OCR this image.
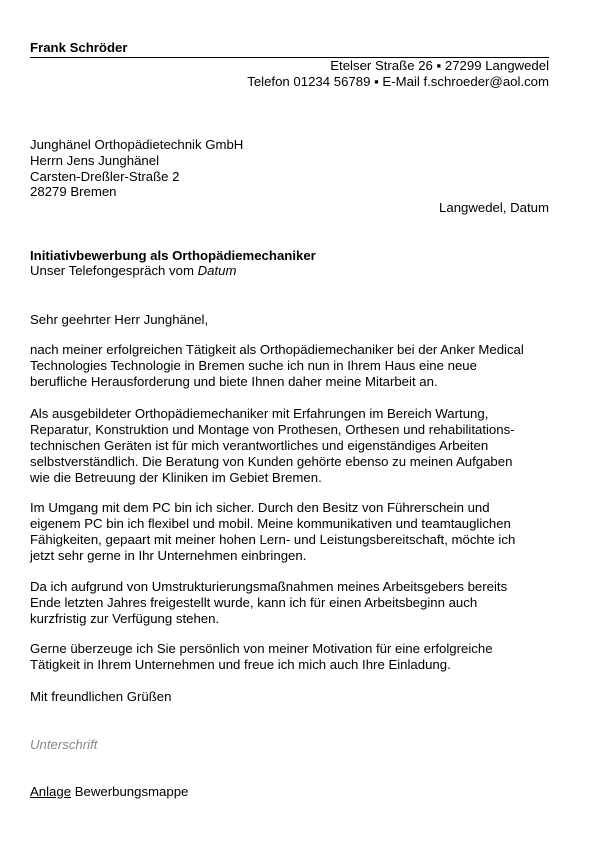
Frank Schröder
Etelser Straße 26 ▪ 27299 Langwedel
Telefon 01234 56789 ▪ E-Mail f.schroeder@aol.com
Junghänel Orthopädietechnik GmbH
Herrn Jens Junghänel
Carsten-Dreßler-Straße 2
28279 Bremen
Langwedel, Datum
Initiativbewerbung als Orthopädiemechaniker
Unser Telefongespräch vom Datum
Sehr geehrter Herr Junghänel,
nach meiner erfolgreichen Tätigkeit als Orthopädiemechaniker bei der Anker Medical
Technologies Technologie in Bremen suche ich nun in Ihrem Haus eine neue
berufliche Herausforderung und biete Ihnen daher meine Mitarbeit an.
Als ausgebildeter Orthopädiemechaniker mit Erfahrungen im Bereich Wartung,
Reparatur, Konstruktion und Montage von Prothesen, Orthesen und rehabilitations-
technischen Geräten ist für mich verantwortliches und eigenständiges Arbeiten
selbstverständlich. Die Beratung von Kunden gehörte ebenso zu meinen Aufgaben
wie die Betreuung der Kliniken im Gebiet Bremen.
Im Umgang mit dem PC bin ich sicher. Durch den Besitz von Führerschein und
eigenem PC bin ich flexibel und mobil. Meine kommunikativen und teamtauglichen
Fähigkeiten, gepaart mit meiner hohen Lern- und Leistungsbereitschaft, möchte ich
jetzt sehr gerne in Ihr Unternehmen einbringen.
Da ich aufgrund von Umstrukturierungsmaßnahmen meines Arbeitsgebers bereits
Ende letzten Jahres freigestellt wurde, kann ich für einen Arbeitsbeginn auch
kurzfristig zur Verfügung stehen.
Gerne überzeuge ich Sie persönlich von meiner Motivation für eine erfolgreiche
Tätigkeit in Ihrem Unternehmen und freue ich mich auch Ihre Einladung.
Mit freundlichen Grüßen
Unterschrift
Anlage Bewerbungsmappe
